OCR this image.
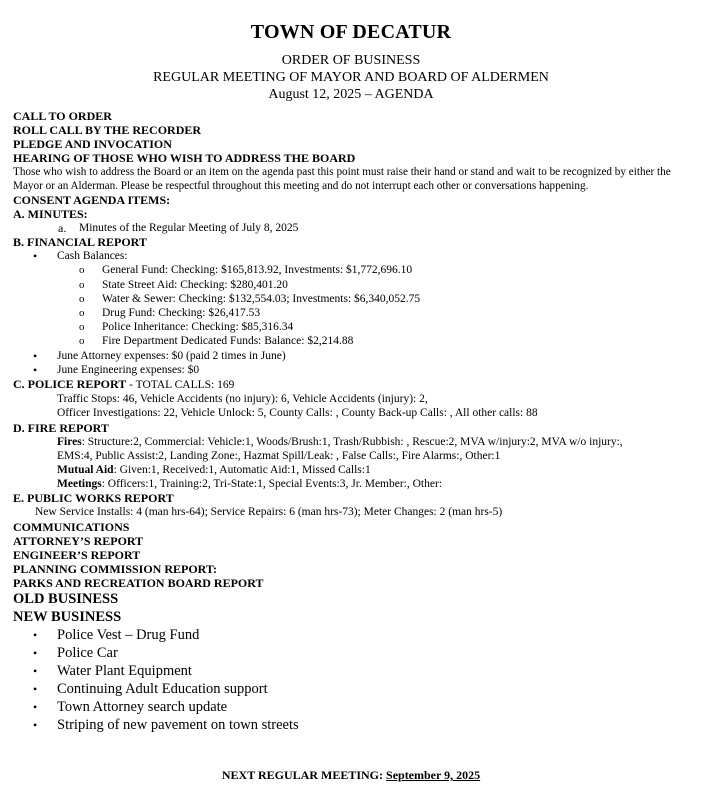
TOWN OF DECATUR
ORDER OF BUSINESS
REGULAR MEETING OF MAYOR AND BOARD OF ALDERMEN
August 12, 2025 – AGENDA
CALL TO ORDER
ROLL CALL BY THE RECORDER
PLEDGE AND INVOCATION
HEARING OF THOSE WHO WISH TO ADDRESS THE BOARD
Those who wish to address the Board or an item on the agenda past this point must raise their hand or stand and wait to be recognized by either the Mayor or an Alderman. Please be respectful throughout this meeting and do not interrupt each other or conversations happening.
CONSENT AGENDA ITEMS:
A. MINUTES:
a. Minutes of the Regular Meeting of July 8, 2025
B. FINANCIAL REPORT
• Cash Balances:
o General Fund: Checking: $165,813.92, Investments: $1,772,696.10
o State Street Aid: Checking: $280,401.20
o Water & Sewer: Checking: $132,554.03; Investments: $6,340,052.75
o Drug Fund: Checking: $26,417.53
o Police Inheritance: Checking: $85,316.34
o Fire Department Dedicated Funds: Balance: $2,214.88
• June Attorney expenses: $0 (paid 2 times in June)
• June Engineering expenses: $0
C. POLICE REPORT - TOTAL CALLS: 169
Traffic Stops: 46, Vehicle Accidents (no injury): 6, Vehicle Accidents (injury): 2,
Officer Investigations: 22, Vehicle Unlock: 5, County Calls: , County Back-up Calls: , All other calls: 88
D. FIRE REPORT
Fires: Structure:2, Commercial: Vehicle:1, Woods/Brush:1, Trash/Rubbish: , Rescue:2, MVA w/injury:2, MVA w/o injury:,
EMS:4, Public Assist:2, Landing Zone:, Hazmat Spill/Leak: , False Calls:, Fire Alarms:, Other:1
Mutual Aid: Given:1, Received:1, Automatic Aid:1, Missed Calls:1
Meetings: Officers:1, Training:2, Tri-State:1, Special Events:3, Jr. Member:, Other:
E. PUBLIC WORKS REPORT
New Service Installs: 4 (man hrs-64); Service Repairs: 6 (man hrs-73); Meter Changes: 2 (man hrs-5)
COMMUNICATIONS
ATTORNEY’S REPORT
ENGINEER’S REPORT
PLANNING COMMISSION REPORT:
PARKS AND RECREATION BOARD REPORT
OLD BUSINESS
NEW BUSINESS
• Police Vest – Drug Fund
• Police Car
• Water Plant Equipment
• Continuing Adult Education support
• Town Attorney search update
• Striping of new pavement on town streets
NEXT REGULAR MEETING: September 9, 2025
